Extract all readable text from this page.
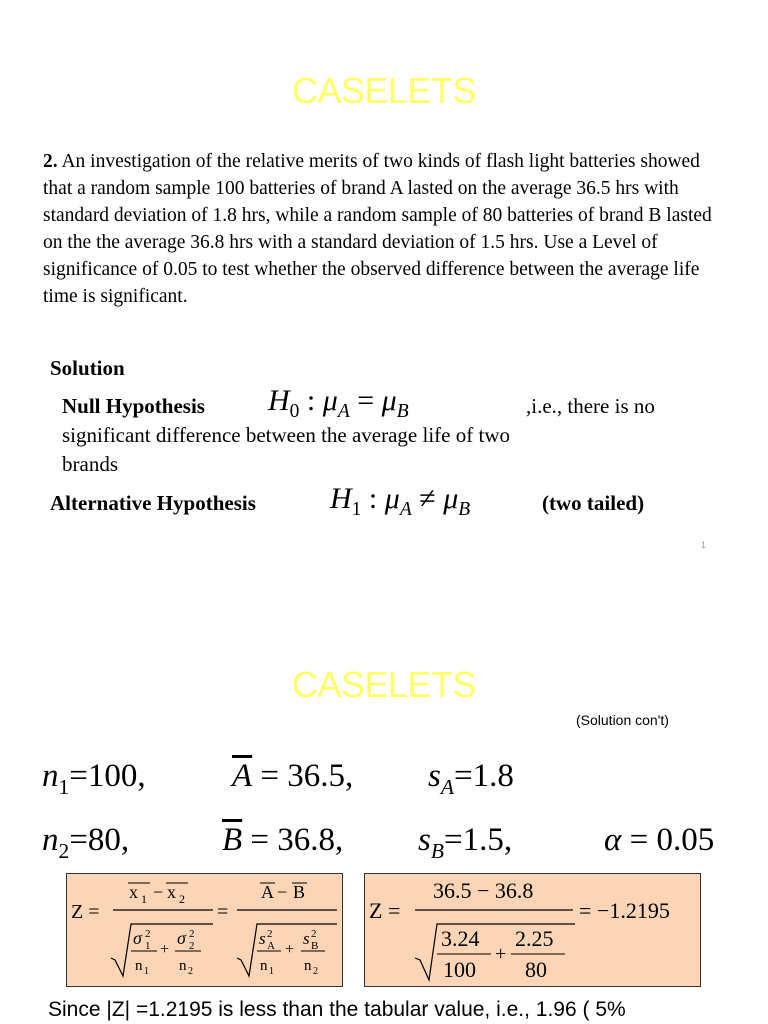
CASELETS
2. An investigation of the relative merits of two kinds of flash light batteries showed that a random sample 100 batteries of brand A lasted on the average 36.5 hrs with standard deviation of 1.8 hrs, while a random sample of 80 batteries of brand B lasted on the the average 36.8 hrs with a standard deviation of 1.5 hrs. Use a Level of significance of 0.05 to test whether the observed difference between the average life time is significant.
Solution
Null Hypothesis $H_0$ : $\mu_A = \mu_B$	,i.e., there is no
significant difference between the average life of two
brands
Alternative Hypothesis $H_1$ : $\mu_A \ne \mu_B$	(two tailed)
1
CASELETS
(Solution con't)
$n_1=100$,	$\overline{A} = 36.5$, $s_A=1.8$
$n_2=80$,	$\overline{B} = 36.8$, $s_B=1.5$,	α = 0.05
Z =
x 1 − x 2
σ 2
1
n 1
+
σ 2
2
n 2
=
A − B
s 2
A
n 1
+
s 2
B
n 2
Z =
36.5 − 36.8
3.24
100
+
2.25
80
= −1.2195
Since |Z| =1.2195 is less than the tabular value, i.e., 1.96 ( 5%
